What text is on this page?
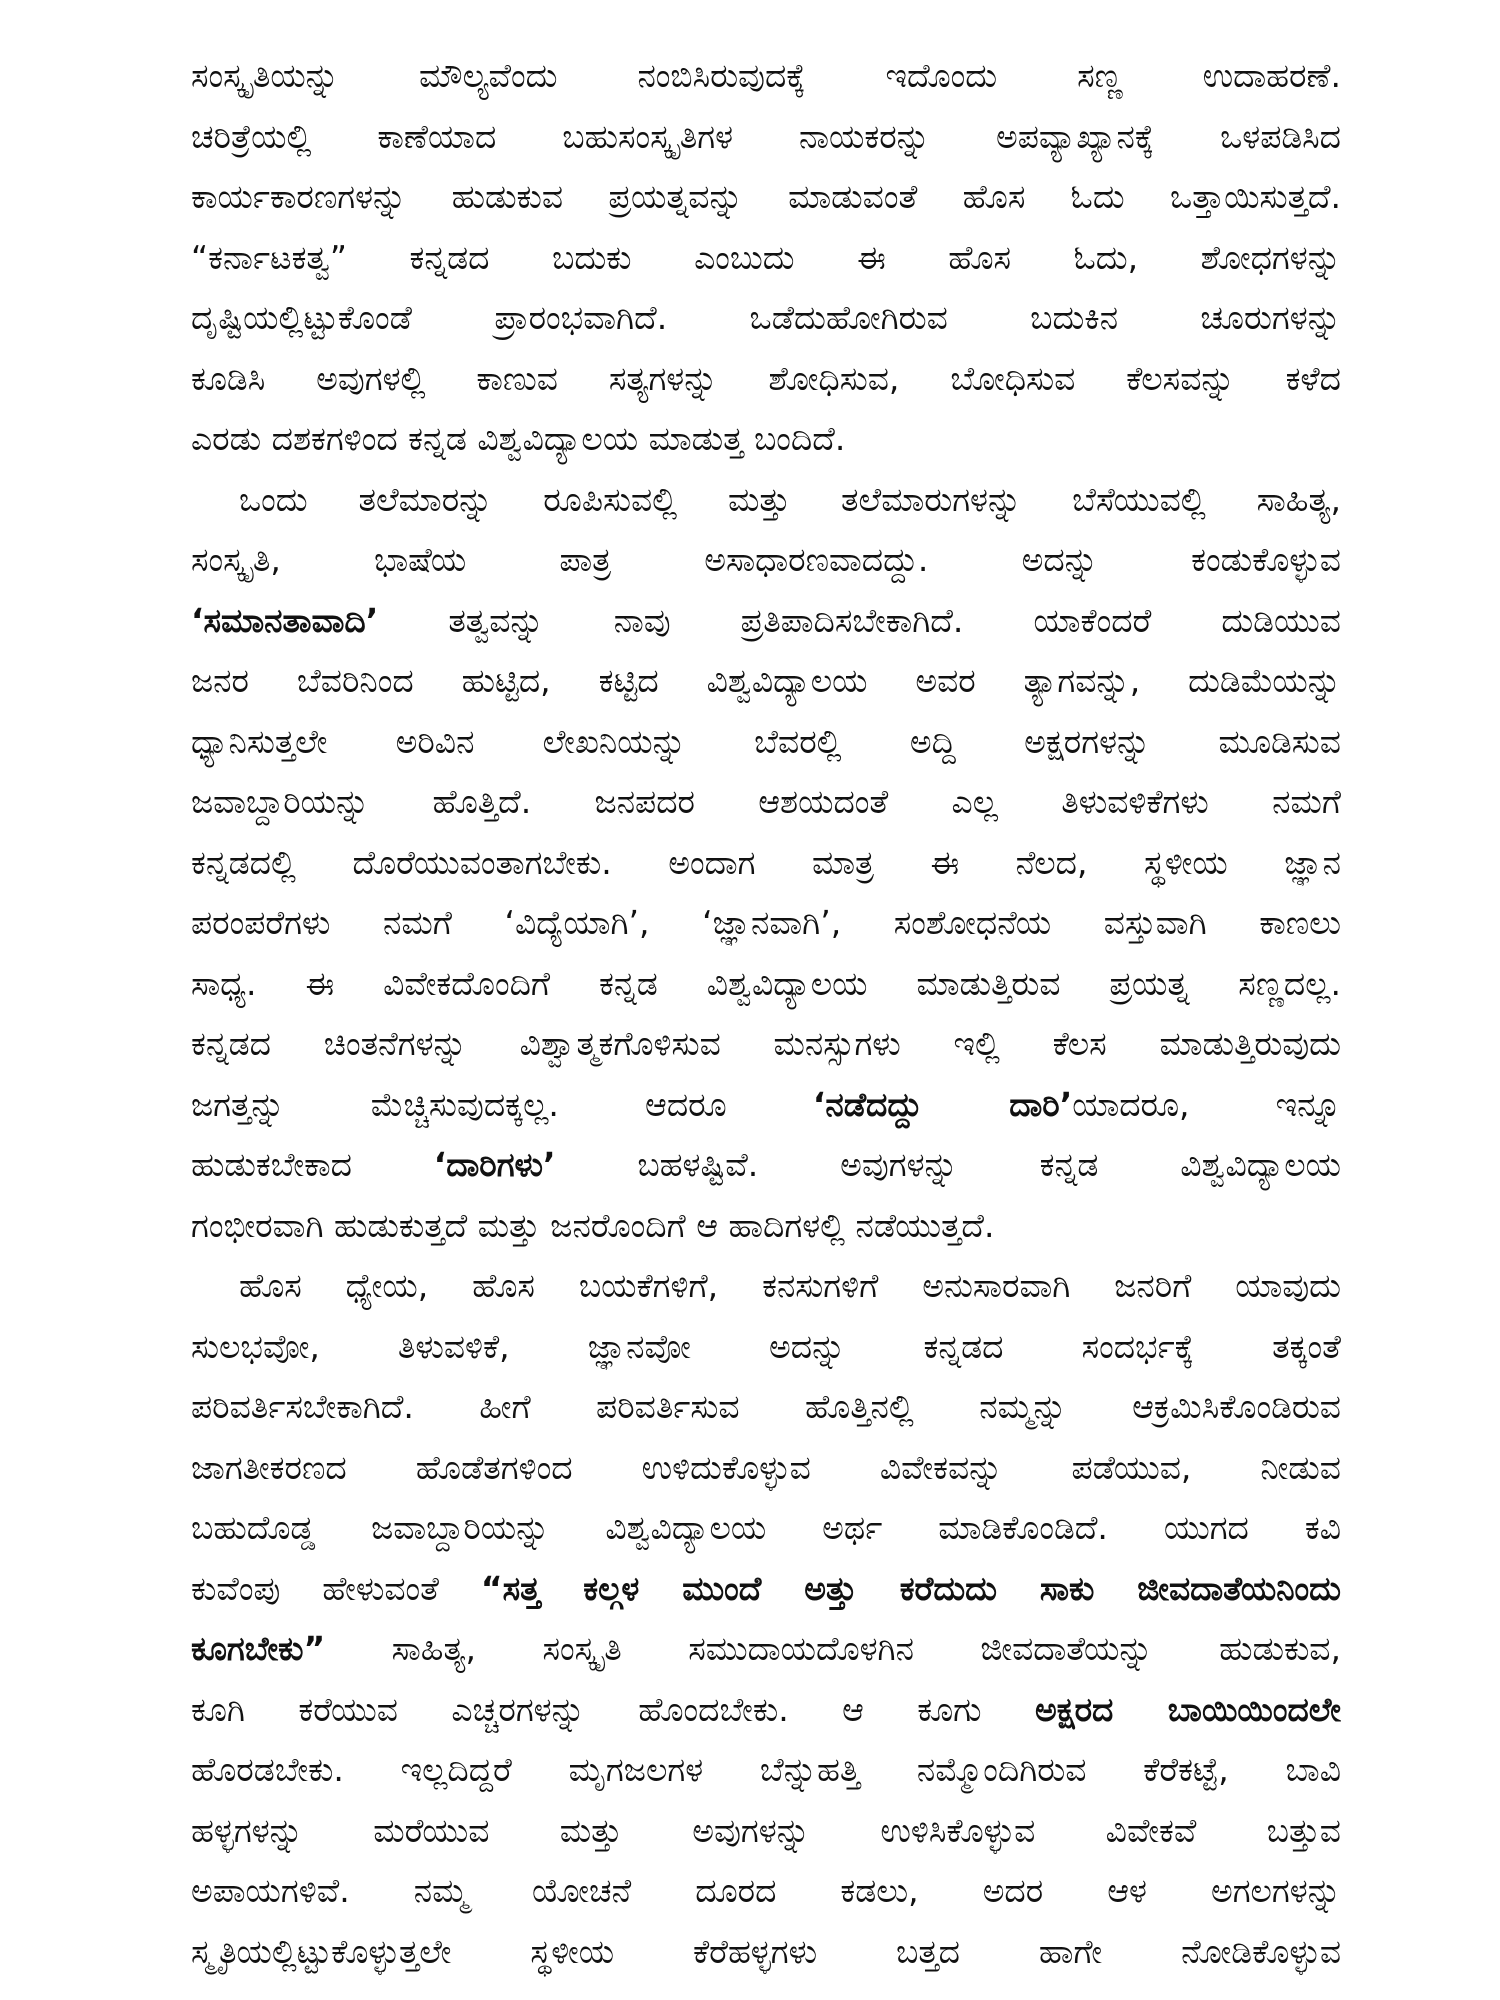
ಸಂಸ್ಕೃತಿಯನ್ನು ಮೌಲ್ಯವೆಂದು ನಂಬಿಸಿರುವುದಕ್ಕೆ ಇದೊಂದು ಸಣ್ಣ ಉದಾಹರಣೆ.
ಚರಿತ್ರೆಯಲ್ಲಿ ಕಾಣೆಯಾದ ಬಹುಸಂಸ್ಕೃತಿಗಳ ನಾಯಕರನ್ನು ಅಪವ್ಯಾಖ್ಯಾನಕ್ಕೆ ಒಳಪಡಿಸಿದ
ಕಾರ್ಯಕಾರಣಗಳನ್ನು ಹುಡುಕುವ ಪ್ರಯತ್ನವನ್ನು ಮಾಡುವಂತೆ ಹೊಸ ಓದು ಒತ್ತಾಯಿಸುತ್ತದೆ.
“ಕರ್ನಾಟಕತ್ವ” ಕನ್ನಡದ ಬದುಕು ಎಂಬುದು ಈ ಹೊಸ ಓದು, ಶೋಧಗಳನ್ನು
ದೃಷ್ಟಿಯಲ್ಲಿಟ್ಟುಕೊಂಡೆ ಪ್ರಾರಂಭವಾಗಿದೆ. ಒಡೆದುಹೋಗಿರುವ ಬದುಕಿನ ಚೂರುಗಳನ್ನು
ಕೂಡಿಸಿ ಅವುಗಳಲ್ಲಿ ಕಾಣುವ ಸತ್ಯಗಳನ್ನು ಶೋಧಿಸುವ, ಬೋಧಿಸುವ ಕೆಲಸವನ್ನು ಕಳೆದ
ಎರಡು ದಶಕಗಳಿಂದ ಕನ್ನಡ ವಿಶ್ವವಿದ್ಯಾಲಯ ಮಾಡುತ್ತ ಬಂದಿದೆ.
ಒಂದು ತಲೆಮಾರನ್ನು ರೂಪಿಸುವಲ್ಲಿ ಮತ್ತು ತಲೆಮಾರುಗಳನ್ನು ಬೆಸೆಯುವಲ್ಲಿ ಸಾಹಿತ್ಯ,
ಸಂಸ್ಕೃತಿ, ಭಾಷೆಯ ಪಾತ್ರ ಅಸಾಧಾರಣವಾದದ್ದು. ಅದನ್ನು ಕಂಡುಕೊಳ್ಳುವ
‘ಸಮಾನತಾವಾದಿ’ ತತ್ವವನ್ನು ನಾವು ಪ್ರತಿಪಾದಿಸಬೇಕಾಗಿದೆ. ಯಾಕೆಂದರೆ ದುಡಿಯುವ
ಜನರ ಬೆವರಿನಿಂದ ಹುಟ್ಟಿದ, ಕಟ್ಟಿದ ವಿಶ್ವವಿದ್ಯಾಲಯ ಅವರ ತ್ಯಾಗವನ್ನು, ದುಡಿಮೆಯನ್ನು
ಧ್ಯಾನಿಸುತ್ತಲೇ ಅರಿವಿನ ಲೇಖನಿಯನ್ನು ಬೆವರಲ್ಲಿ ಅದ್ದಿ ಅಕ್ಷರಗಳನ್ನು ಮೂಡಿಸುವ
ಜವಾಬ್ದಾರಿಯನ್ನು ಹೊತ್ತಿದೆ. ಜನಪದರ ಆಶಯದಂತೆ ಎಲ್ಲ ತಿಳುವಳಿಕೆಗಳು ನಮಗೆ
ಕನ್ನಡದಲ್ಲಿ ದೊರೆಯುವಂತಾಗಬೇಕು. ಅಂದಾಗ ಮಾತ್ರ ಈ ನೆಲದ, ಸ್ಥಳೀಯ ಜ್ಞಾನ
ಪರಂಪರೆಗಳು ನಮಗೆ ‘ವಿದ್ಯೆಯಾಗಿ’, ‘ಜ್ಞಾನವಾಗಿ’, ಸಂಶೋಧನೆಯ ವಸ್ತುವಾಗಿ ಕಾಣಲು
ಸಾಧ್ಯ. ಈ ವಿವೇಕದೊಂದಿಗೆ ಕನ್ನಡ ವಿಶ್ವವಿದ್ಯಾಲಯ ಮಾಡುತ್ತಿರುವ ಪ್ರಯತ್ನ ಸಣ್ಣದಲ್ಲ.
ಕನ್ನಡದ ಚಿಂತನೆಗಳನ್ನು ವಿಶ್ವಾತ್ಮಕಗೊಳಿಸುವ ಮನಸ್ಸುಗಳು ಇಲ್ಲಿ ಕೆಲಸ ಮಾಡುತ್ತಿರುವುದು
ಜಗತ್ತನ್ನು ಮೆಚ್ಚಿಸುವುದಕ್ಕಲ್ಲ. ಆದರೂ ‘ನಡೆದದ್ದು ದಾರಿ’ಯಾದರೂ, ಇನ್ನೂ
ಹುಡುಕಬೇಕಾದ ‘ದಾರಿಗಳು’ ಬಹಳಷ್ಟಿವೆ. ಅವುಗಳನ್ನು ಕನ್ನಡ ವಿಶ್ವವಿದ್ಯಾಲಯ
ಗಂಭೀರವಾಗಿ ಹುಡುಕುತ್ತದೆ ಮತ್ತು ಜನರೊಂದಿಗೆ ಆ ಹಾದಿಗಳಲ್ಲಿ ನಡೆಯುತ್ತದೆ.
ಹೊಸ ಧ್ಯೇಯ, ಹೊಸ ಬಯಕೆಗಳಿಗೆ, ಕನಸುಗಳಿಗೆ ಅನುಸಾರವಾಗಿ ಜನರಿಗೆ ಯಾವುದು
ಸುಲಭವೋ, ತಿಳುವಳಿಕೆ, ಜ್ಞಾನವೋ ಅದನ್ನು ಕನ್ನಡದ ಸಂದರ್ಭಕ್ಕೆ ತಕ್ಕಂತೆ
ಪರಿವರ್ತಿಸಬೇಕಾಗಿದೆ. ಹೀಗೆ ಪರಿವರ್ತಿಸುವ ಹೊತ್ತಿನಲ್ಲಿ ನಮ್ಮನ್ನು ಆಕ್ರಮಿಸಿಕೊಂಡಿರುವ
ಜಾಗತೀಕರಣದ ಹೊಡೆತಗಳಿಂದ ಉಳಿದುಕೊಳ್ಳುವ ವಿವೇಕವನ್ನು ಪಡೆಯುವ, ನೀಡುವ
ಬಹುದೊಡ್ಡ ಜವಾಬ್ದಾರಿಯನ್ನು ವಿಶ್ವವಿದ್ಯಾಲಯ ಅರ್ಥ ಮಾಡಿಕೊಂಡಿದೆ. ಯುಗದ ಕವಿ
ಕುವೆಂಪು ಹೇಳುವಂತೆ “ಸತ್ತ ಕಲ್ಗಳ ಮುಂದೆ ಅತ್ತು ಕರೆದುದು ಸಾಕು ಜೀವದಾತೆಯನಿಂದು
ಕೂಗಬೇಕು” ಸಾಹಿತ್ಯ, ಸಂಸ್ಕೃತಿ ಸಮುದಾಯದೊಳಗಿನ ಜೀವದಾತೆಯನ್ನು ಹುಡುಕುವ,
ಕೂಗಿ ಕರೆಯುವ ಎಚ್ಚರಗಳನ್ನು ಹೊಂದಬೇಕು. ಆ ಕೂಗು ಅಕ್ಷರದ ಬಾಯಿಯಿಂದಲೇ
ಹೊರಡಬೇಕು. ಇಲ್ಲದಿದ್ದರೆ ಮೃಗಜಲಗಳ ಬೆನ್ನುಹತ್ತಿ ನಮ್ಮೊಂದಿಗಿರುವ ಕೆರೆಕಟ್ಟೆ, ಬಾವಿ
ಹಳ್ಳಗಳನ್ನು ಮರೆಯುವ ಮತ್ತು ಅವುಗಳನ್ನು ಉಳಿಸಿಕೊಳ್ಳುವ ವಿವೇಕವೆ ಬತ್ತುವ
ಅಪಾಯಗಳಿವೆ. ನಮ್ಮ ಯೋಚನೆ ದೂರದ ಕಡಲು, ಅದರ ಆಳ ಅಗಲಗಳನ್ನು
ಸ್ಮೃತಿಯಲ್ಲಿಟ್ಟುಕೊಳ್ಳುತ್ತಲೇ ಸ್ಥಳೀಯ ಕೆರೆಹಳ್ಳಗಳು ಬತ್ತದ ಹಾಗೇ ನೋಡಿಕೊಳ್ಳುವ
